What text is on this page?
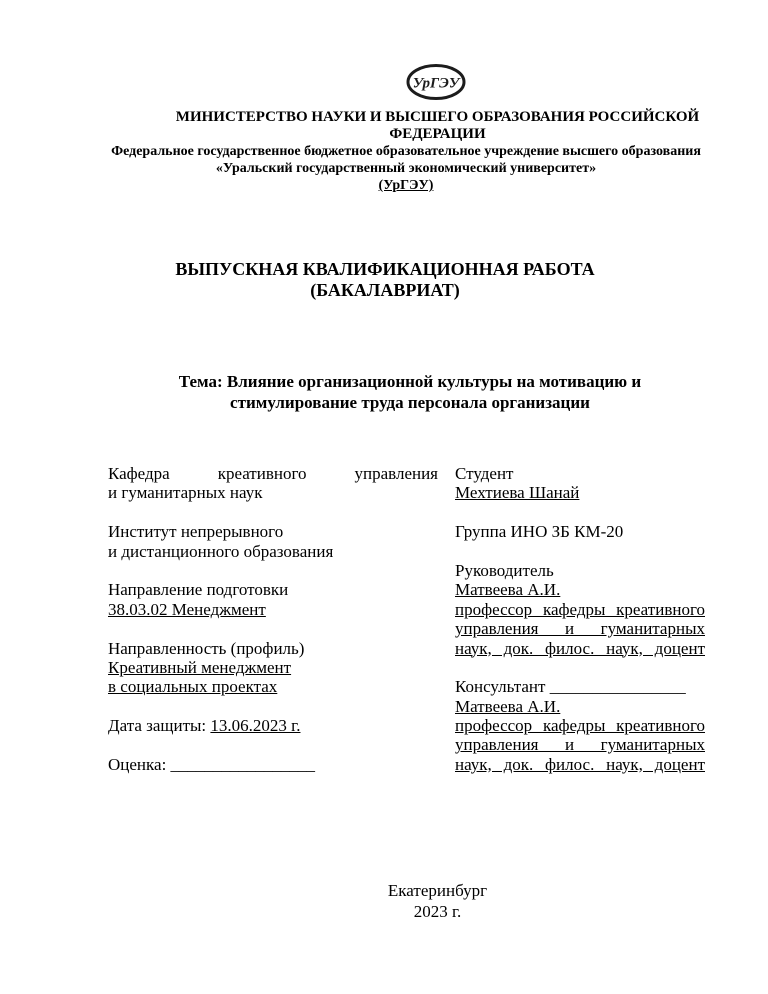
УрГЭУ
МИНИСТЕРСТВО НАУКИ И ВЫСШЕГО ОБРАЗОВАНИЯ РОССИЙСКОЙ
ФЕДЕРАЦИИ
Федеральное государственное бюджетное образовательное учреждение высшего образования
«Уральский государственный экономический университет»
(УрГЭУ)
ВЫПУСКНАЯ КВАЛИФИКАЦИОННАЯ РАБОТА
(БАКАЛАВРИАТ)
Тема: Влияние организационной культуры на мотивацию и
стимулирование труда персонала организации
Кафедра креативного управления
и гуманитарных наук
Институт непрерывного
и дистанционного образования
Направление подготовки
38.03.02 Менеджмент
Направленность (профиль)
Креативный менеджмент
в социальных проектах
Дата защиты: 13.06.2023 г.
Оценка: _________________
Студент
Мехтиева Шанай
Группа ИНО ЗБ КМ-20
Руководитель
Матвеева А.И.
профессор кафедры креативного
управления и гуманитарных
наук, док. филос. наук, доцент
Консультант ________________
Матвеева А.И.
профессор кафедры креативного
управления и гуманитарных
наук, док. филос. наук, доцент
Екатеринбург
2023 г.
